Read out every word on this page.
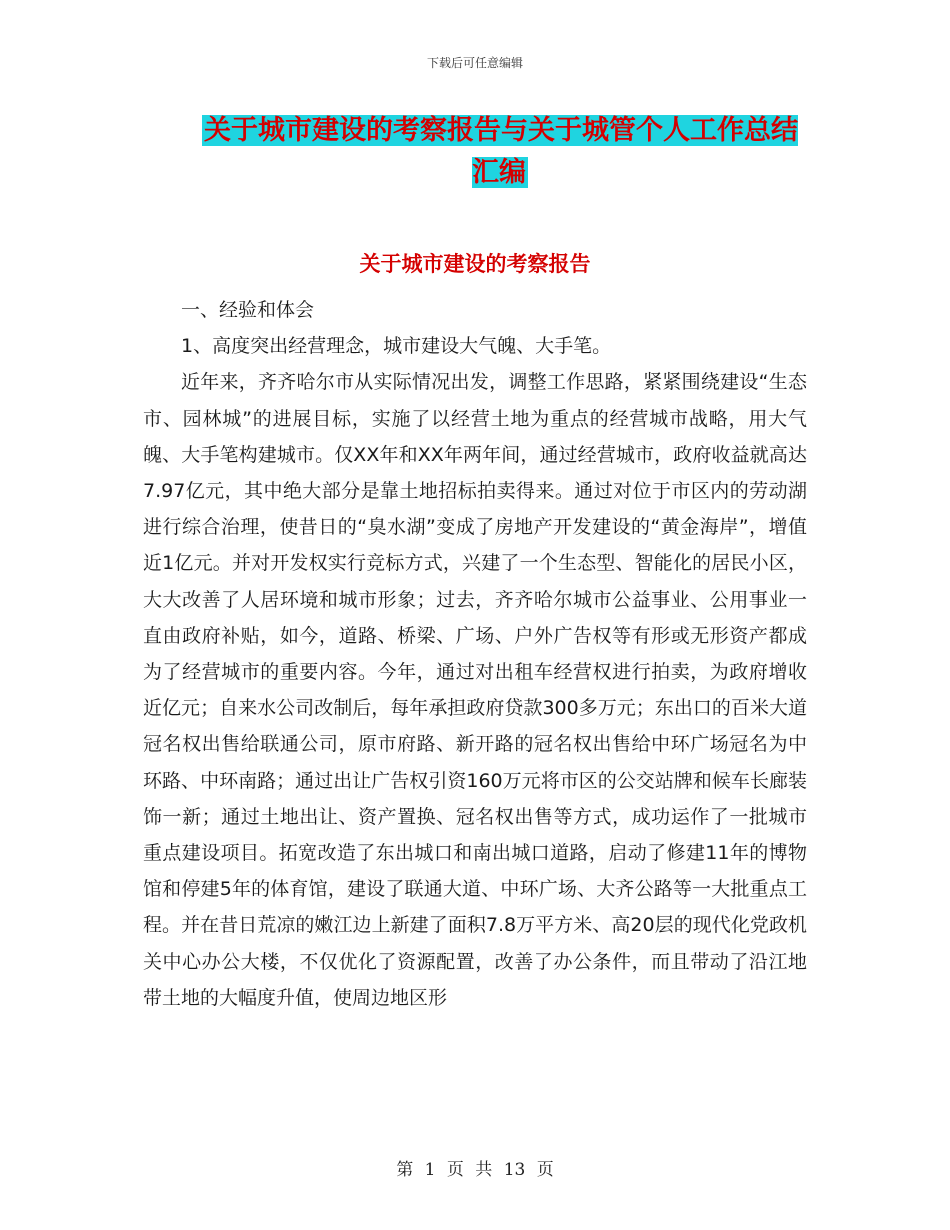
下载后可任意编辑
关于城市建设的考察报告与关于城管个人工作总结汇编
关于城市建设的考察报告

一、经验和体会

1、高度突出经营理念，城市建设大气魄、大手笔。

近年来，齐齐哈尔市从实际情况出发，调整工作思路，紧紧围绕建设“生态市、园林城”的进展目标，实施了以经营土地为重点的经营城市战略，用大气魄、大手笔构建城市。仅XX年和XX年两年间，通过经营城市，政府收益就高达7.97亿元，其中绝大部分是靠土地招标拍卖得来。通过对位于市区内的劳动湖进行综合治理，使昔日的“臭水湖”变成了房地产开发建设的“黄金海岸”，增值近1亿元。并对开发权实行竞标方式，兴建了一个生态型、智能化的居民小区，大大改善了人居环境和城市形象；过去，齐齐哈尔城市公益事业、公用事业一直由政府补贴，如今，道路、桥梁、广场、户外广告权等有形或无形资产都成为了经营城市的重要内容。今年，通过对出租车经营权进行拍卖，为政府增收近亿元；自来水公司改制后，每年承担政府贷款300多万元；东出口的百米大道冠名权出售给联通公司，原市府路、新开路的冠名权出售给中环广场冠名为中环路、中环南路；通过出让广告权引资160万元将市区的公交站牌和候车长廊装饰一新；通过土地出让、资产置换、冠名权出售等方式，成功运作了一批城市重点建设项目。拓宽改造了东出城口和南出城口道路，启动了修建11年的博物馆和停建5年的体育馆，建设了联通大道、中环广场、大齐公路等一大批重点工程。并在昔日荒凉的嫩江边上新建了面积7.8万平方米、高20层的现代化党政机关中心办公大楼，不仅优化了资源配置，改善了办公条件，而且带动了沿江地带土地的大幅度升值，使周边地区形

第 1 页 共 13 页
